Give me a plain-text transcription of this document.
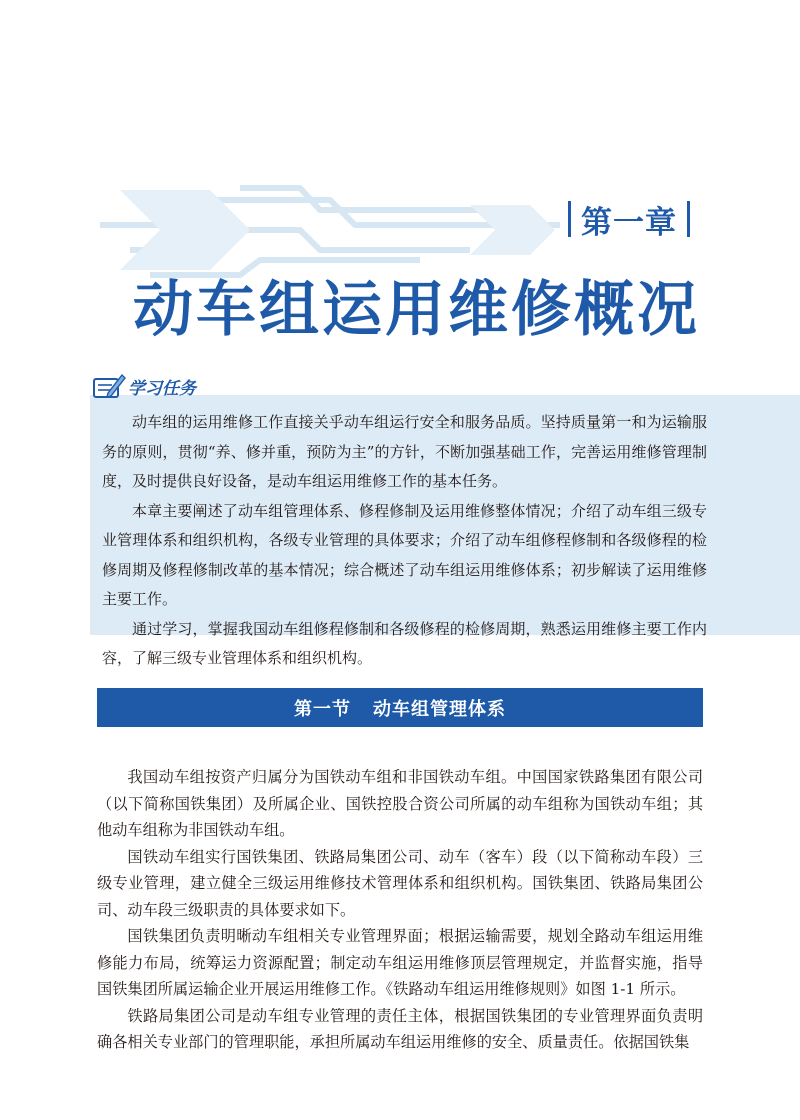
第一章
动车组运用维修概况
学习任务

动车组的运用维修工作直接关乎动车组运行安全和服务品质。坚持质量第一和为运输服务的原则，贯彻“养、修并重，预防为主”的方针，不断加强基础工作，完善运用维修管理制度，及时提供良好设备，是动车组运用维修工作的基本任务。

本章主要阐述了动车组管理体系、修程修制及运用维修整体情况；介绍了动车组三级专业管理体系和组织机构，各级专业管理的具体要求；介绍了动车组修程修制和各级修程的检修周期及修程修制改革的基本情况；综合概述了动车组运用维修体系；初步解读了运用维修主要工作。

通过学习，掌握我国动车组修程修制和各级修程的检修周期，熟悉运用维修主要工作内容，了解三级专业管理体系和组织机构。

第一节 动车组管理体系

我国动车组按资产归属分为国铁动车组和非国铁动车组。中国国家铁路集团有限公司（以下简称国铁集团）及所属企业、国铁控股合资公司所属的动车组称为国铁动车组；其他动车组称为非国铁动车组。

国铁动车组实行国铁集团、铁路局集团公司、动车（客车）段（以下简称动车段）三级专业管理，建立健全三级运用维修技术管理体系和组织机构。国铁集团、铁路局集团公司、动车段三级职责的具体要求如下。

国铁集团负责明晰动车组相关专业管理界面；根据运输需要，规划全路动车组运用维修能力布局，统筹运力资源配置；制定动车组运用维修顶层管理规定，并监督实施，指导国铁集团所属运输企业开展运用维修工作。《铁路动车组运用维修规则》如图 1-1 所示。

铁路局集团公司是动车组专业管理的责任主体，根据国铁集团的专业管理界面负责明确各相关专业部门的管理职能，承担所属动车组运用维修的安全、质量责任。依据国铁集
